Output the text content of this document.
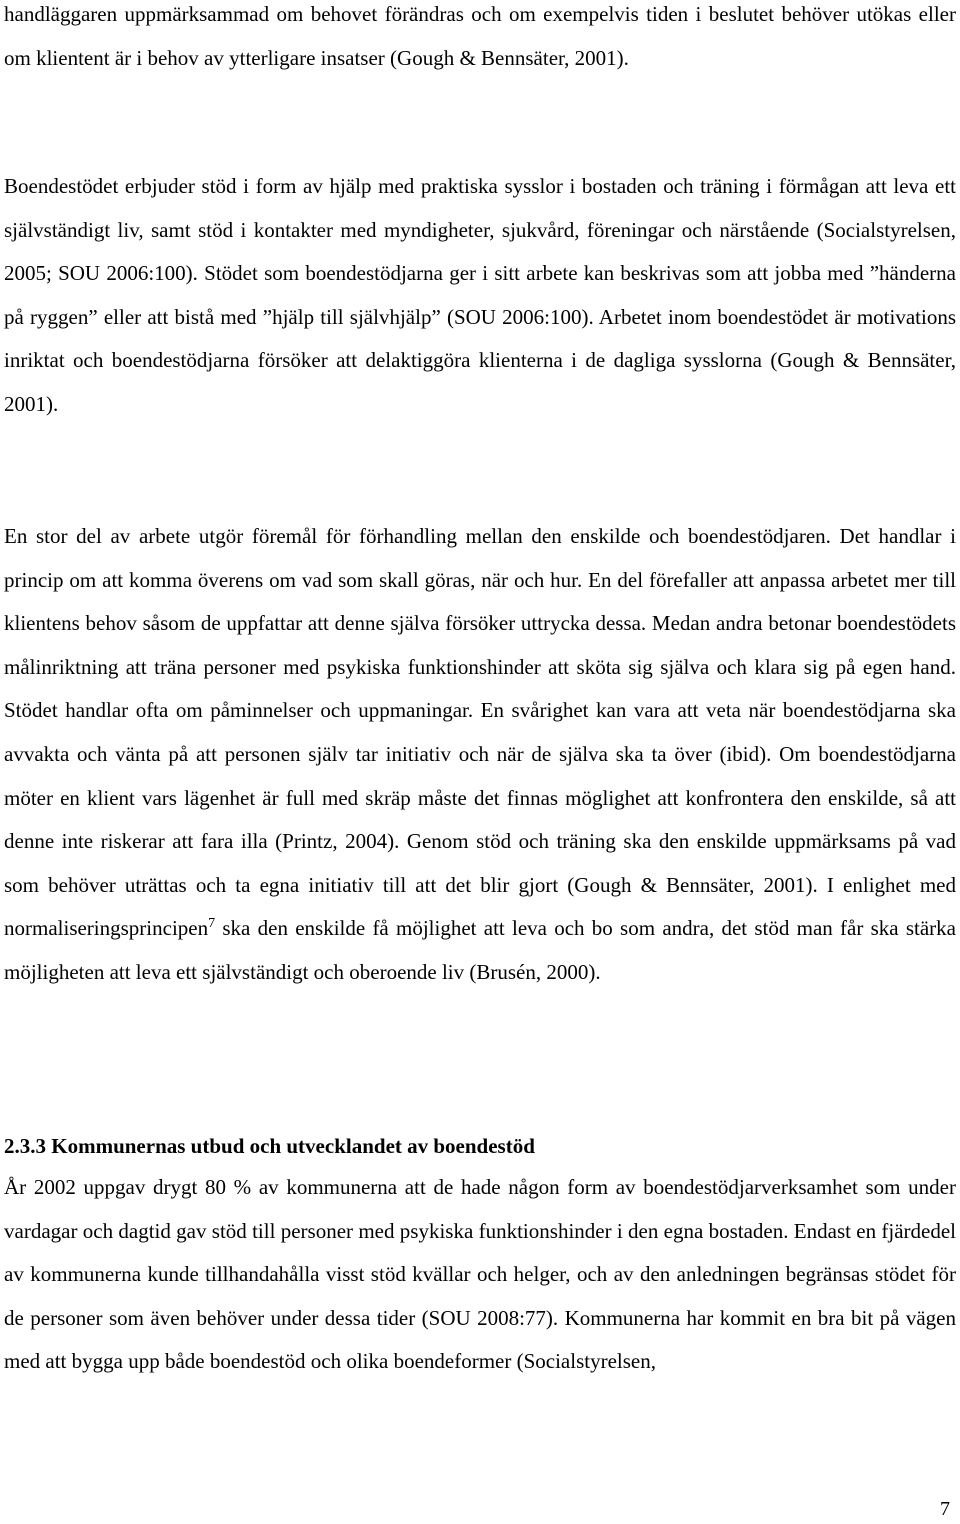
handläggaren uppmärksammad om behovet förändras och om exempelvis tiden i beslutet behöver utökas eller om klientent är i behov av ytterligare insatser (Gough & Bennsäter, 2001).

Boendestödet erbjuder stöd i form av hjälp med praktiska sysslor i bostaden och träning i förmågan att leva ett självständigt liv, samt stöd i kontakter med myndigheter, sjukvård, föreningar och närstående (Socialstyrelsen, 2005; SOU 2006:100). Stödet som boendestödjarna ger i sitt arbete kan beskrivas som att jobba med ”händerna på ryggen” eller att bistå med ”hjälp till självhjälp” (SOU 2006:100). Arbetet inom boendestödet är motivations inriktat och boendestödjarna försöker att delaktiggöra klienterna i de dagliga sysslorna (Gough & Bennsäter, 2001).

En stor del av arbete utgör föremål för förhandling mellan den enskilde och boendestödjaren. Det handlar i princip om att komma överens om vad som skall göras, när och hur. En del förefaller att anpassa arbetet mer till klientens behov såsom de uppfattar att denne själva försöker uttrycka dessa. Medan andra betonar boendestödets målinriktning att träna personer med psykiska funktionshinder att sköta sig själva och klara sig på egen hand. Stödet handlar ofta om påminnelser och uppmaningar. En svårighet kan vara att veta när boendestödjarna ska avvakta och vänta på att personen själv tar initiativ och när de själva ska ta över (ibid). Om boendestödjarna möter en klient vars lägenhet är full med skräp måste det finnas möglighet att konfrontera den enskilde, så att denne inte riskerar att fara illa (Printz, 2004). Genom stöd och träning ska den enskilde uppmärksams på vad som behöver uträttas och ta egna initiativ till att det blir gjort (Gough & Bennsäter, 2001). I enlighet med normaliseringsprincipen$^7$ ska den enskilde få möjlighet att leva och bo som andra, det stöd man får ska stärka möjligheten att leva ett självständigt och oberoende liv (Brusén, 2000).

2.3.3 Kommunernas utbud och utvecklandet av boendestöd

År 2002 uppgav drygt 80 % av kommunerna att de hade någon form av boendestödjarverksamhet som under vardagar och dagtid gav stöd till personer med psykiska funktionshinder i den egna bostaden. Endast en fjärdedel av kommunerna kunde tillhandahålla visst stöd kvällar och helger, och av den anledningen begränsas stödet för de personer som även behöver under dessa tider (SOU 2008:77). Kommunerna har kommit en bra bit på vägen med att bygga upp både boendestöd och olika boendeformer (Socialstyrelsen,

7
